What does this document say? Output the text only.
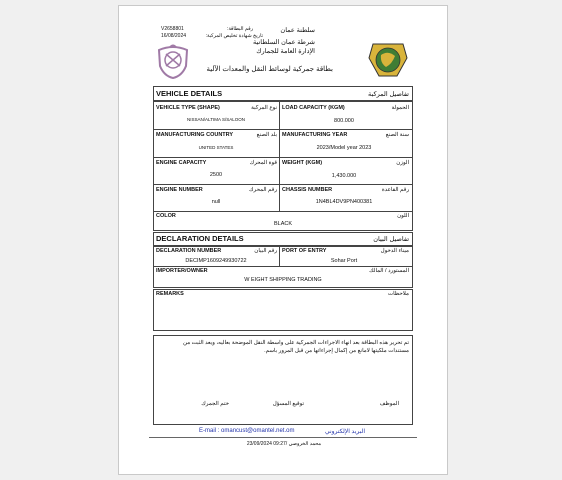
V2658801
16/08/2024
رقم البطاقة:
تاريخ شهادة تخليص المركبة:
سلطنة عمان
شرطة عمان السلطانية
الإدارة العامة للجمارك
بطاقة جمركية لوسائط النقل والمعدات الآلية
VEHICLE DETAILS	تفاصيل المركبة
VEHICLE TYPE (SHAPE)	نوع المركبة
NISSAN/ALTIMA S/SALOON
LOAD CAPACITY (KGM)	الحمولة
800.000
MANUFACTURING COUNTRY	بلد الصنع
UNITED STATES
MANUFACTURING YEAR	سنة الصنع
2023/Model year 2023
ENGINE CAPACITY	قوة المحرك
2500
WEIGHT (KGM)	الوزن
1,430.000
ENGINE NUMBER	رقم المحرك
null
CHASSIS NUMBER	رقم القاعدة
1N4BL4DV9PN400381
COLOR	اللون
BLACK
DECLARATION DETAILS	تفاصيل البيان
DECLARATION NUMBER	رقم البيان
DECIMP1609249930722
PORT OF ENTRY	ميناء الدخول
Sohar Port
IMPORTER/OWNER	المستورد / المالك
W EIGHT SHIPPING TRADING
REMARKS	ملاحظات
تم تحرير هذه البطاقة بعد انهاء الاجراءات الجمركية على واسطة النقل الموضحة بعاليه، ويعد الثبت من مستندات ملكيتها لامانع من إكمال إجراءاتها من قبل المرور باسم.
الموظف
توقيع المسؤل
ختم الجمرك
E-mail : omancust@omantel.net.om	البريد الإلكتروني
23/09/2024 09:27/ محمد الخروصي
